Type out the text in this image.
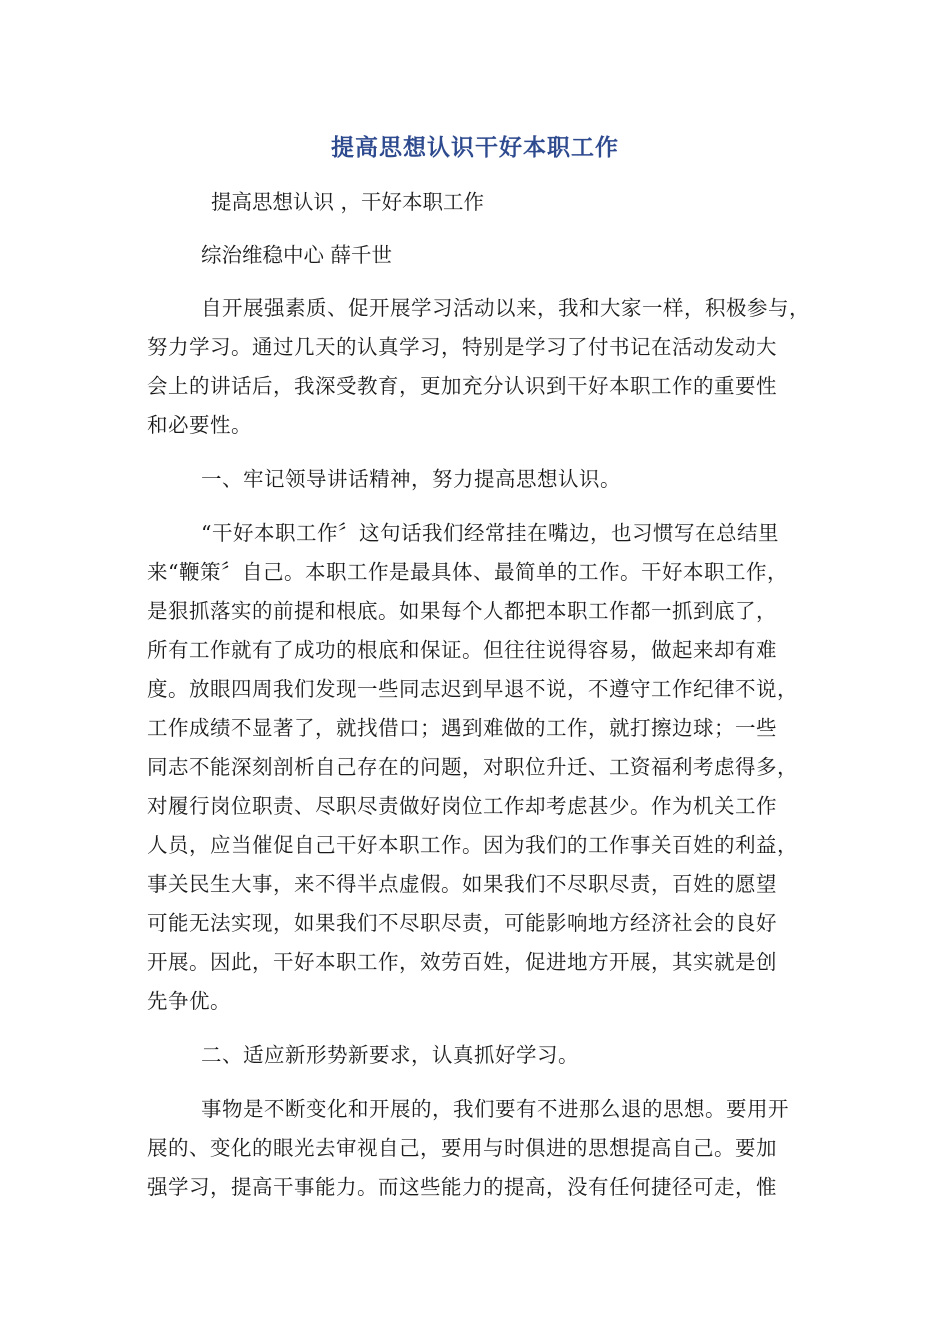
提高思想认识干好本职工作
提高思想认识 ，干好本职工作
综治维稳中心 薛千世
自开展强素质、促开展学习活动以来，我和大家一样，积极参与，
努力学习。通过几天的认真学习，特别是学习了付书记在活动发动大
会上的讲话后，我深受教育，更加充分认识到干好本职工作的重要性
和必要性。
一、牢记领导讲话精神，努力提高思想认识。
“干好本职工作〞这句话我们经常挂在嘴边，也习惯写在总结里
来“鞭策〞自己。本职工作是最具体、最简单的工作。干好本职工作，
是狠抓落实的前提和根底。如果每个人都把本职工作都一抓到底了，
所有工作就有了成功的根底和保证。但往往说得容易，做起来却有难
度。放眼四周我们发现一些同志迟到早退不说，不遵守工作纪律不说，
工作成绩不显著了，就找借口；遇到难做的工作，就打擦边球；一些
同志不能深刻剖析自己存在的问题，对职位升迁、工资福利考虑得多，
对履行岗位职责、尽职尽责做好岗位工作却考虑甚少。作为机关工作
人员，应当催促自己干好本职工作。因为我们的工作事关百姓的利益，
事关民生大事，来不得半点虚假。如果我们不尽职尽责，百姓的愿望
可能无法实现，如果我们不尽职尽责，可能影响地方经济社会的良好
开展。因此，干好本职工作，效劳百姓，促进地方开展，其实就是创
先争优。
二、适应新形势新要求，认真抓好学习。
事物是不断变化和开展的，我们要有不进那么退的思想。要用开
展的、变化的眼光去审视自己，要用与时俱进的思想提高自己。要加
强学习，提高干事能力。而这些能力的提高，没有任何捷径可走，惟
